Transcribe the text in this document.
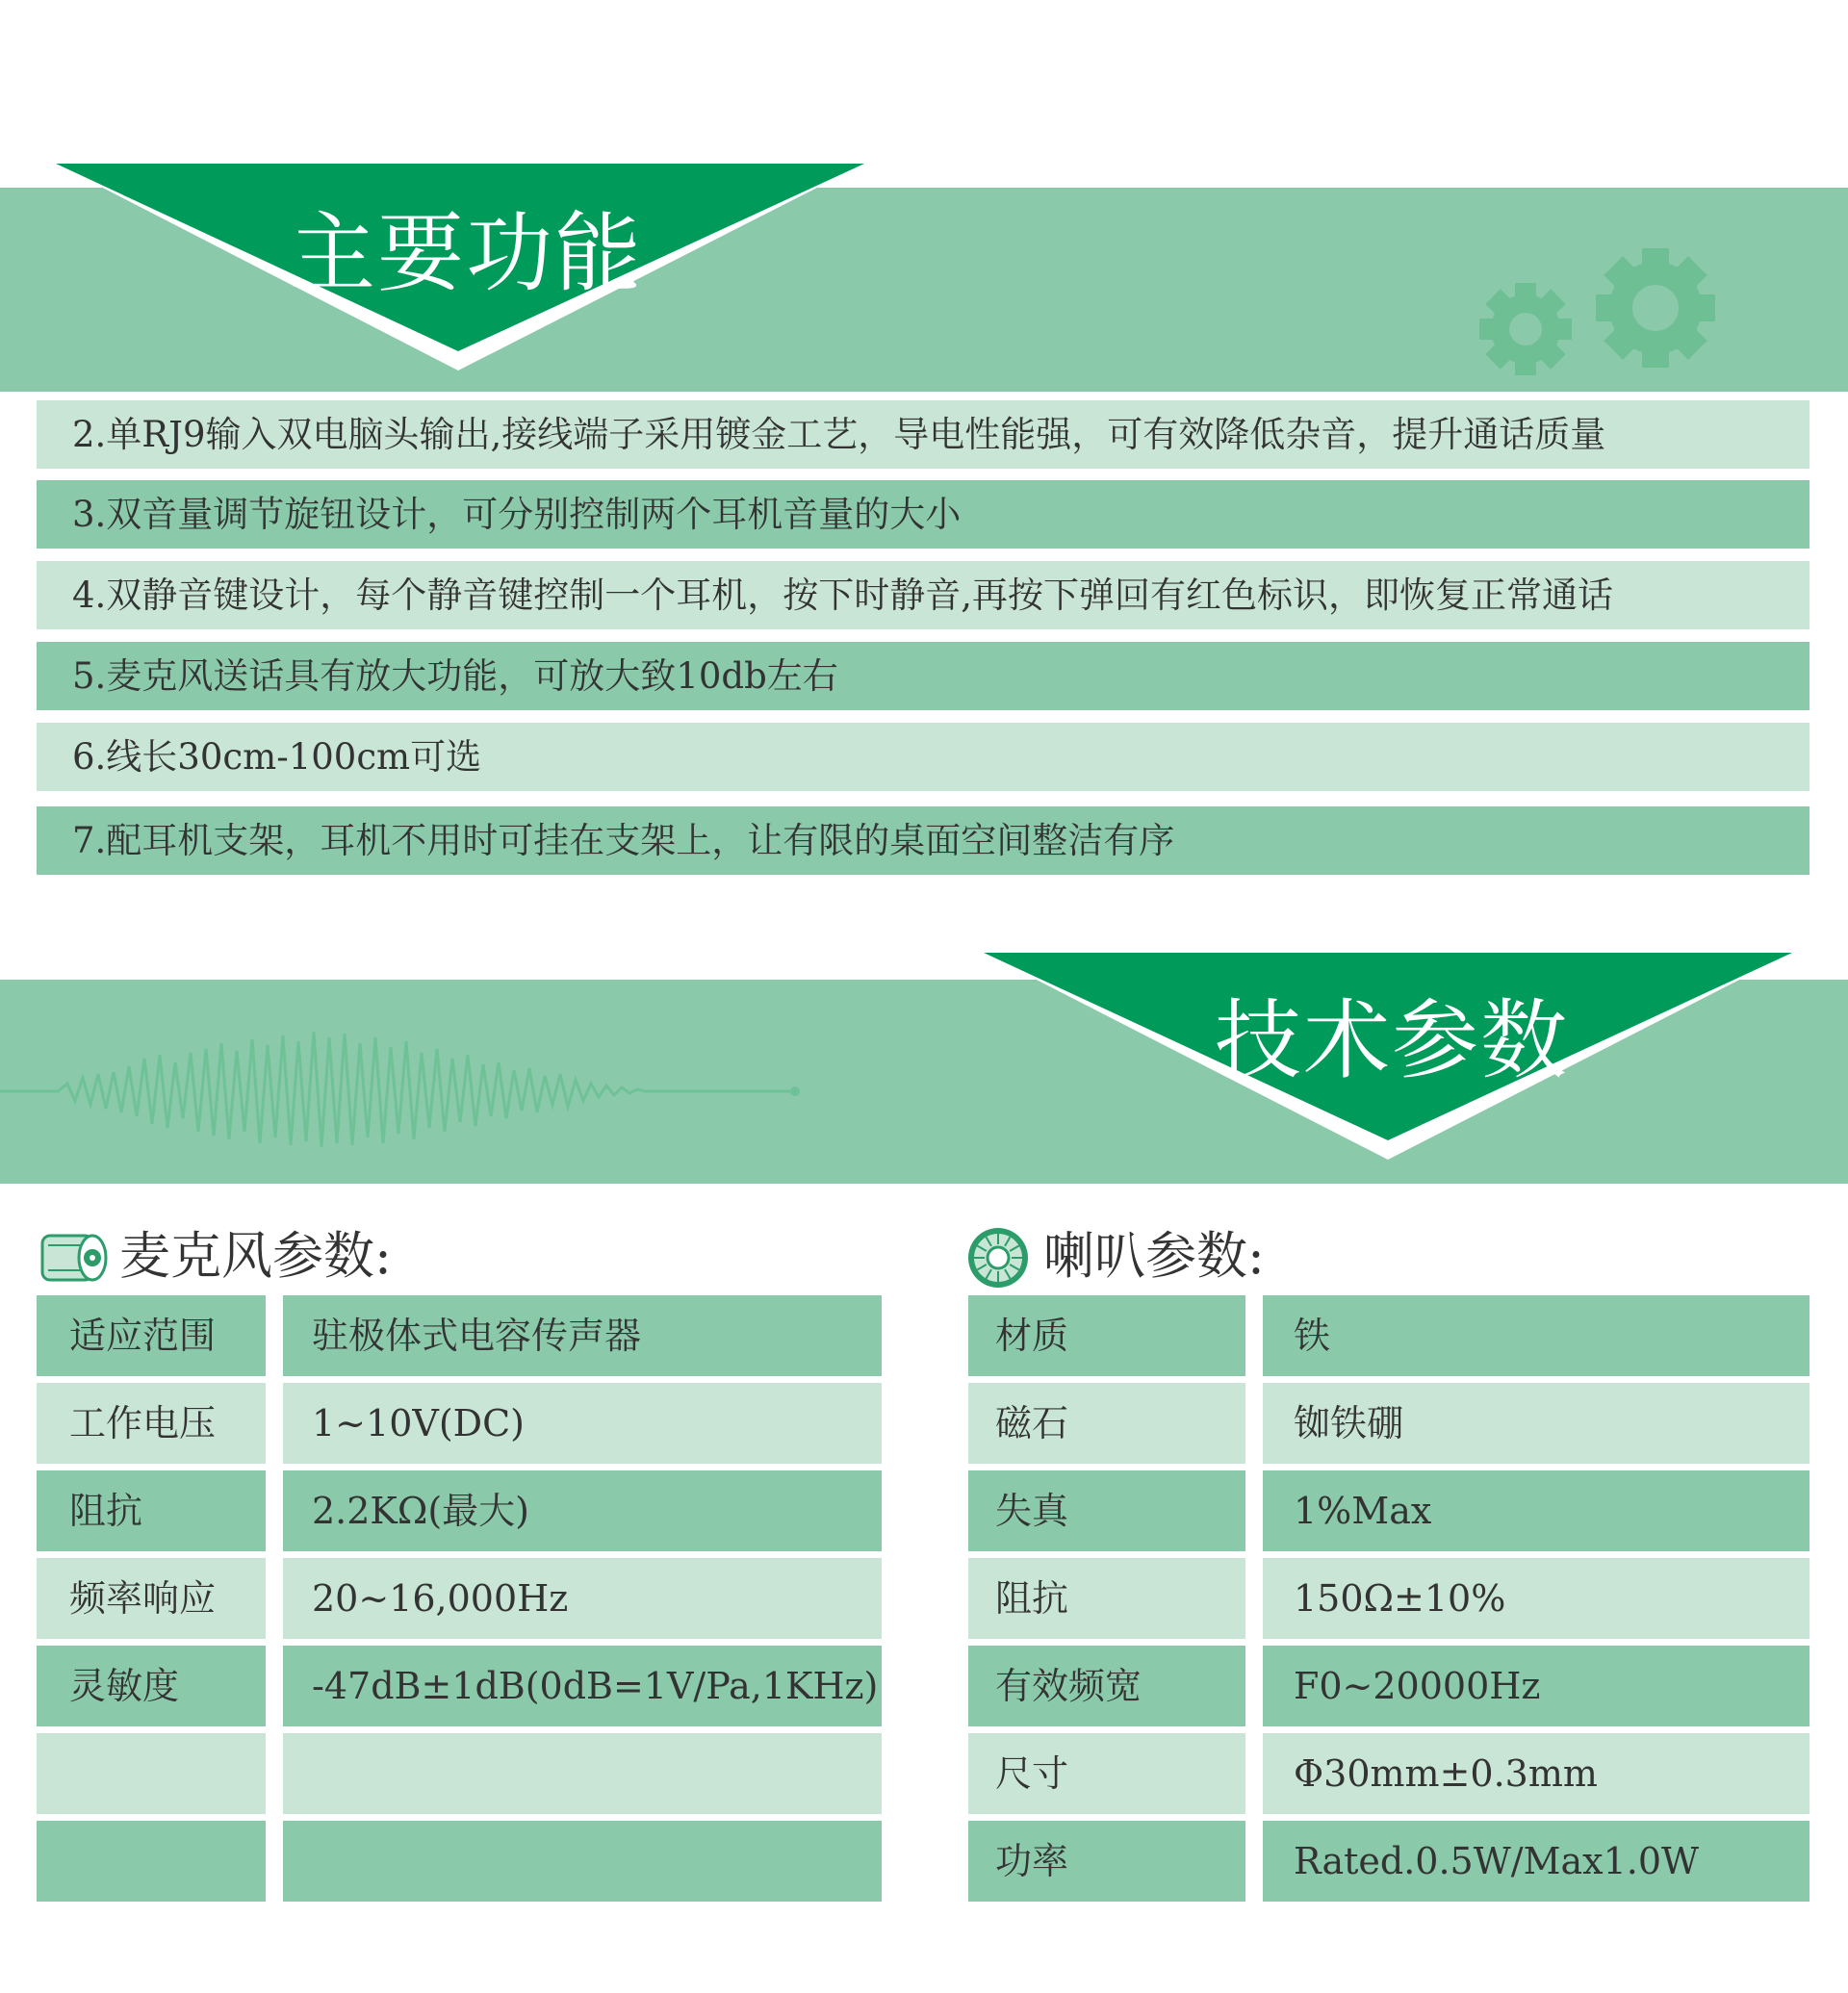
主要功能
2.单RJ9输入双电脑头输出,接线端子采用镀金工艺，导电性能强，可有效降低杂音，提升通话质量
3.双音量调节旋钮设计，可分别控制两个耳机音量的大小
4.双静音键设计，每个静音键控制一个耳机，按下时静音,再按下弹回有红色标识，即恢复正常通话
5.麦克风送话具有放大功能，可放大致10db左右
6.线长30cm-100cm可选
7.配耳机支架，耳机不用时可挂在支架上，让有限的桌面空间整洁有序
技术参数
麦克风参数:	喇叭参数:
适应范围	驻极体式电容传声器
工作电压	1~10V(DC)
阻抗	2.2KΩ(最大)
频率响应	20~16,000Hz
灵敏度	-47dB±1dB(0dB=1V/Pa,1KHz)
材质	铁
磁石	铷铁硼
失真	1%Max
阻抗	150Ω±10%
有效频宽	F0~20000Hz
尺寸	Φ30mm±0.3mm
功率	Rated.0.5W/Max1.0W
